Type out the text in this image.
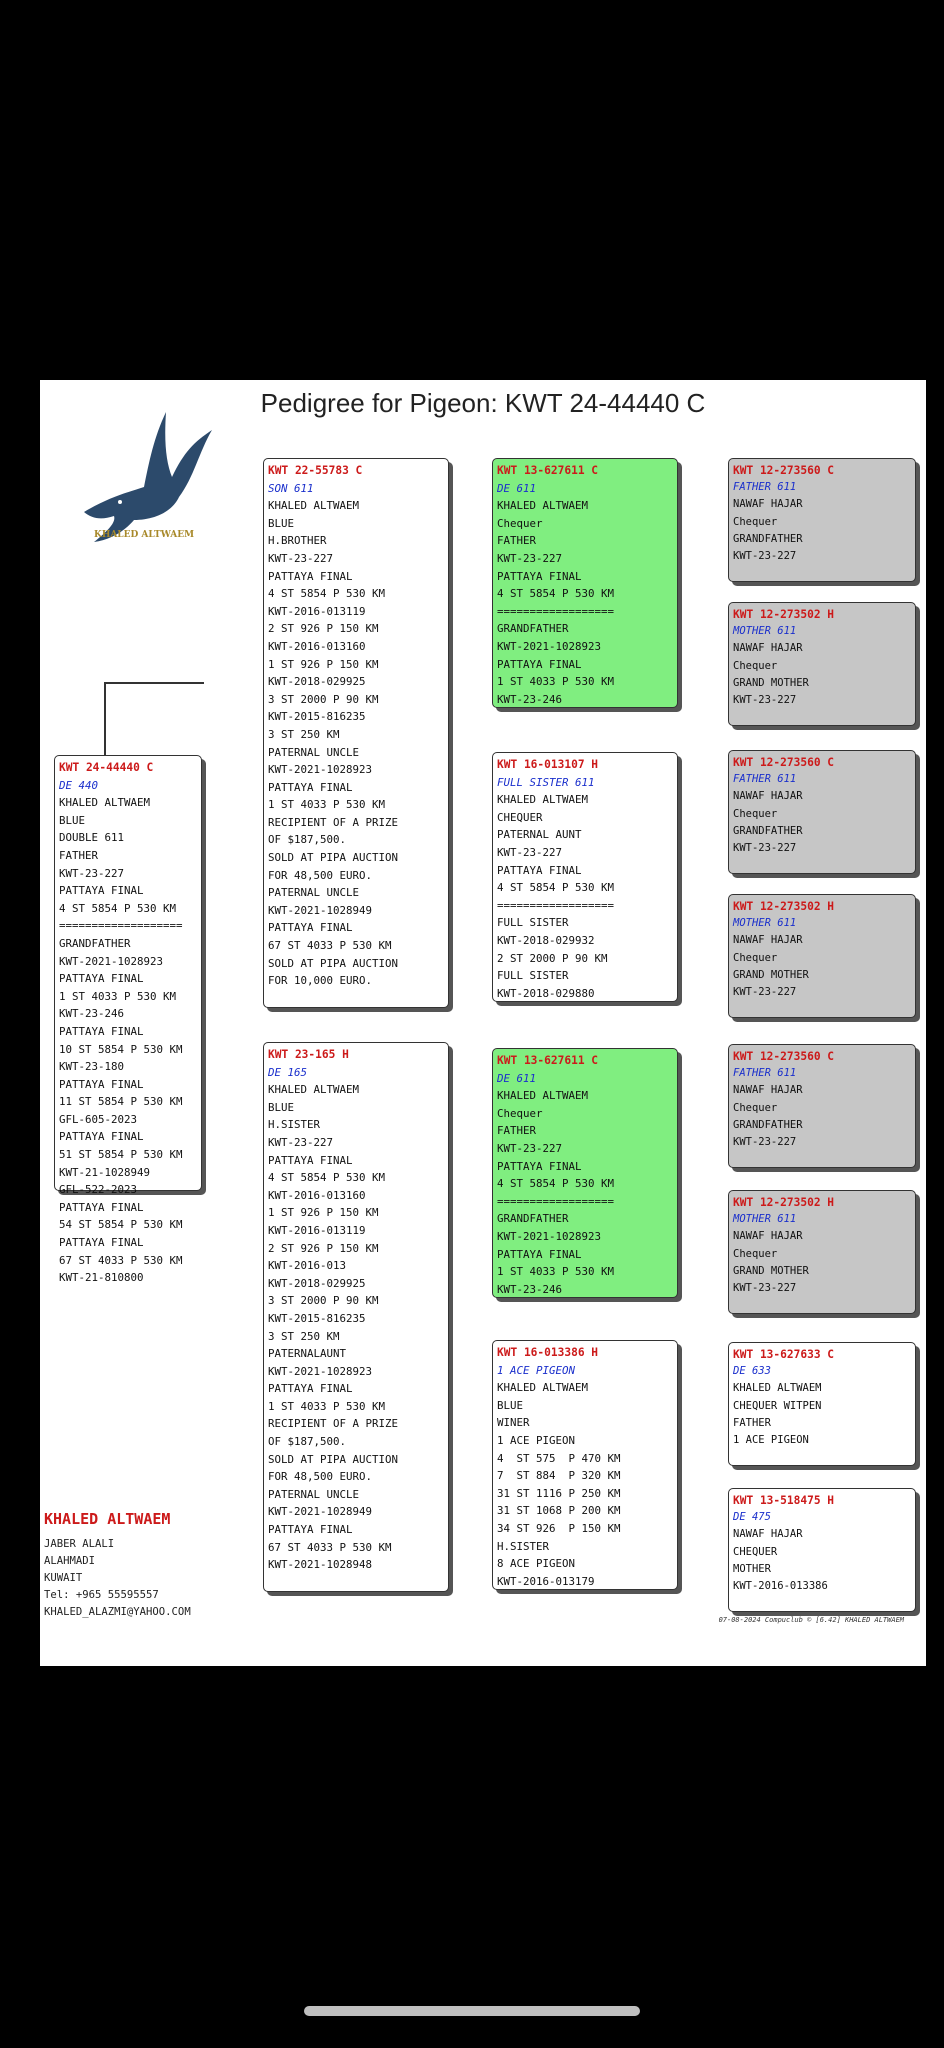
Pedigree for Pigeon: KWT 24-44440 C
KHALED ALTWAEM
KWT 24-44440 C
DE 440
KHALED ALTWAEM
BLUE
DOUBLE 611
FATHER
KWT-23-227
PATTAYA FINAL
4 ST 5854 P 530 KM
===================
GRANDFATHER
KWT-2021-1028923
PATTAYA FINAL
1 ST 4033 P 530 KM
KWT-23-246
PATTAYA FINAL
10 ST 5854 P 530 KM
KWT-23-180
PATTAYA FINAL
11 ST 5854 P 530 KM
GFL-605-2023
PATTAYA FINAL
51 ST 5854 P 530 KM
KWT-21-1028949
GFL-522-2023
PATTAYA FINAL
54 ST 5854 P 530 KM
PATTAYA FINAL
67 ST 4033 P 530 KM
KWT-21-810800
KWT 22-55783 C
SON 611
KHALED ALTWAEM
BLUE
H.BROTHER
KWT-23-227
PATTAYA FINAL
4 ST 5854 P 530 KM
KWT-2016-013119
2 ST 926 P 150 KM
KWT-2016-013160
1 ST 926 P 150 KM
KWT-2018-029925
3 ST 2000 P 90 KM
KWT-2015-816235
3 ST 250 KM
PATERNAL UNCLE
KWT-2021-1028923
PATTAYA FINAL
1 ST 4033 P 530 KM
RECIPIENT OF A PRIZE
OF $187,500.
SOLD AT PIPA AUCTION
FOR 48,500 EURO.
PATERNAL UNCLE
KWT-2021-1028949
PATTAYA FINAL
67 ST 4033 P 530 KM
SOLD AT PIPA AUCTION
FOR 10,000 EURO.
KWT 23-165 H
DE 165
KHALED ALTWAEM
BLUE
H.SISTER
KWT-23-227
PATTAYA FINAL
4 ST 5854 P 530 KM
KWT-2016-013160
1 ST 926 P 150 KM
KWT-2016-013119
2 ST 926 P 150 KM
KWT-2016-013
KWT-2018-029925
3 ST 2000 P 90 KM
KWT-2015-816235
3 ST 250 KM
PATERNALAUNT
KWT-2021-1028923
PATTAYA FINAL
1 ST 4033 P 530 KM
RECIPIENT OF A PRIZE
OF $187,500.
SOLD AT PIPA AUCTION
FOR 48,500 EURO.
PATERNAL UNCLE
KWT-2021-1028949
PATTAYA FINAL
67 ST 4033 P 530 KM
KWT-2021-1028948
KWT 13-627611 C
DE 611
KHALED ALTWAEM
Chequer
FATHER
KWT-23-227
PATTAYA FINAL
4 ST 5854 P 530 KM
==================
GRANDFATHER
KWT-2021-1028923
PATTAYA FINAL
1 ST 4033 P 530 KM
KWT-23-246
KWT 16-013107 H
FULL SISTER 611
KHALED ALTWAEM
CHEQUER
PATERNAL AUNT
KWT-23-227
PATTAYA FINAL
4 ST 5854 P 530 KM
==================
FULL SISTER
KWT-2018-029932
2 ST 2000 P 90 KM
FULL SISTER
KWT-2018-029880
KWT 13-627611 C
DE 611
KHALED ALTWAEM
Chequer
FATHER
KWT-23-227
PATTAYA FINAL
4 ST 5854 P 530 KM
==================
GRANDFATHER
KWT-2021-1028923
PATTAYA FINAL
1 ST 4033 P 530 KM
KWT-23-246
KWT 16-013386 H
1 ACE PIGEON
KHALED ALTWAEM
BLUE
WINER
1 ACE PIGEON
4  ST 575  P 470 KM
7  ST 884  P 320 KM
31 ST 1116 P 250 KM
31 ST 1068 P 200 KM
34 ST 926  P 150 KM
H.SISTER
8 ACE PIGEON
KWT-2016-013179
KWT 12-273560 C
FATHER 611
NAWAF HAJAR
Chequer
GRANDFATHER
KWT-23-227
KWT 12-273502 H
MOTHER 611
NAWAF HAJAR
Chequer
GRAND MOTHER
KWT-23-227
KWT 12-273560 C
FATHER 611
NAWAF HAJAR
Chequer
GRANDFATHER
KWT-23-227
KWT 12-273502 H
MOTHER 611
NAWAF HAJAR
Chequer
GRAND MOTHER
KWT-23-227
KWT 12-273560 C
FATHER 611
NAWAF HAJAR
Chequer
GRANDFATHER
KWT-23-227
KWT 12-273502 H
MOTHER 611
NAWAF HAJAR
Chequer
GRAND MOTHER
KWT-23-227
KWT 13-627633 C
DE 633
KHALED ALTWAEM
CHEQUER WITPEN
FATHER
1 ACE PIGEON
KWT 13-518475 H
DE 475
NAWAF HAJAR
CHEQUER
MOTHER
KWT-2016-013386
KHALED ALTWAEM
JABER ALALI
ALAHMADI
KUWAIT
Tel: +965 55595557
KHALED_ALAZMI@YAHOO.COM
07-08-2024 Compuclub © [6.42] KHALED ALTWAEM
